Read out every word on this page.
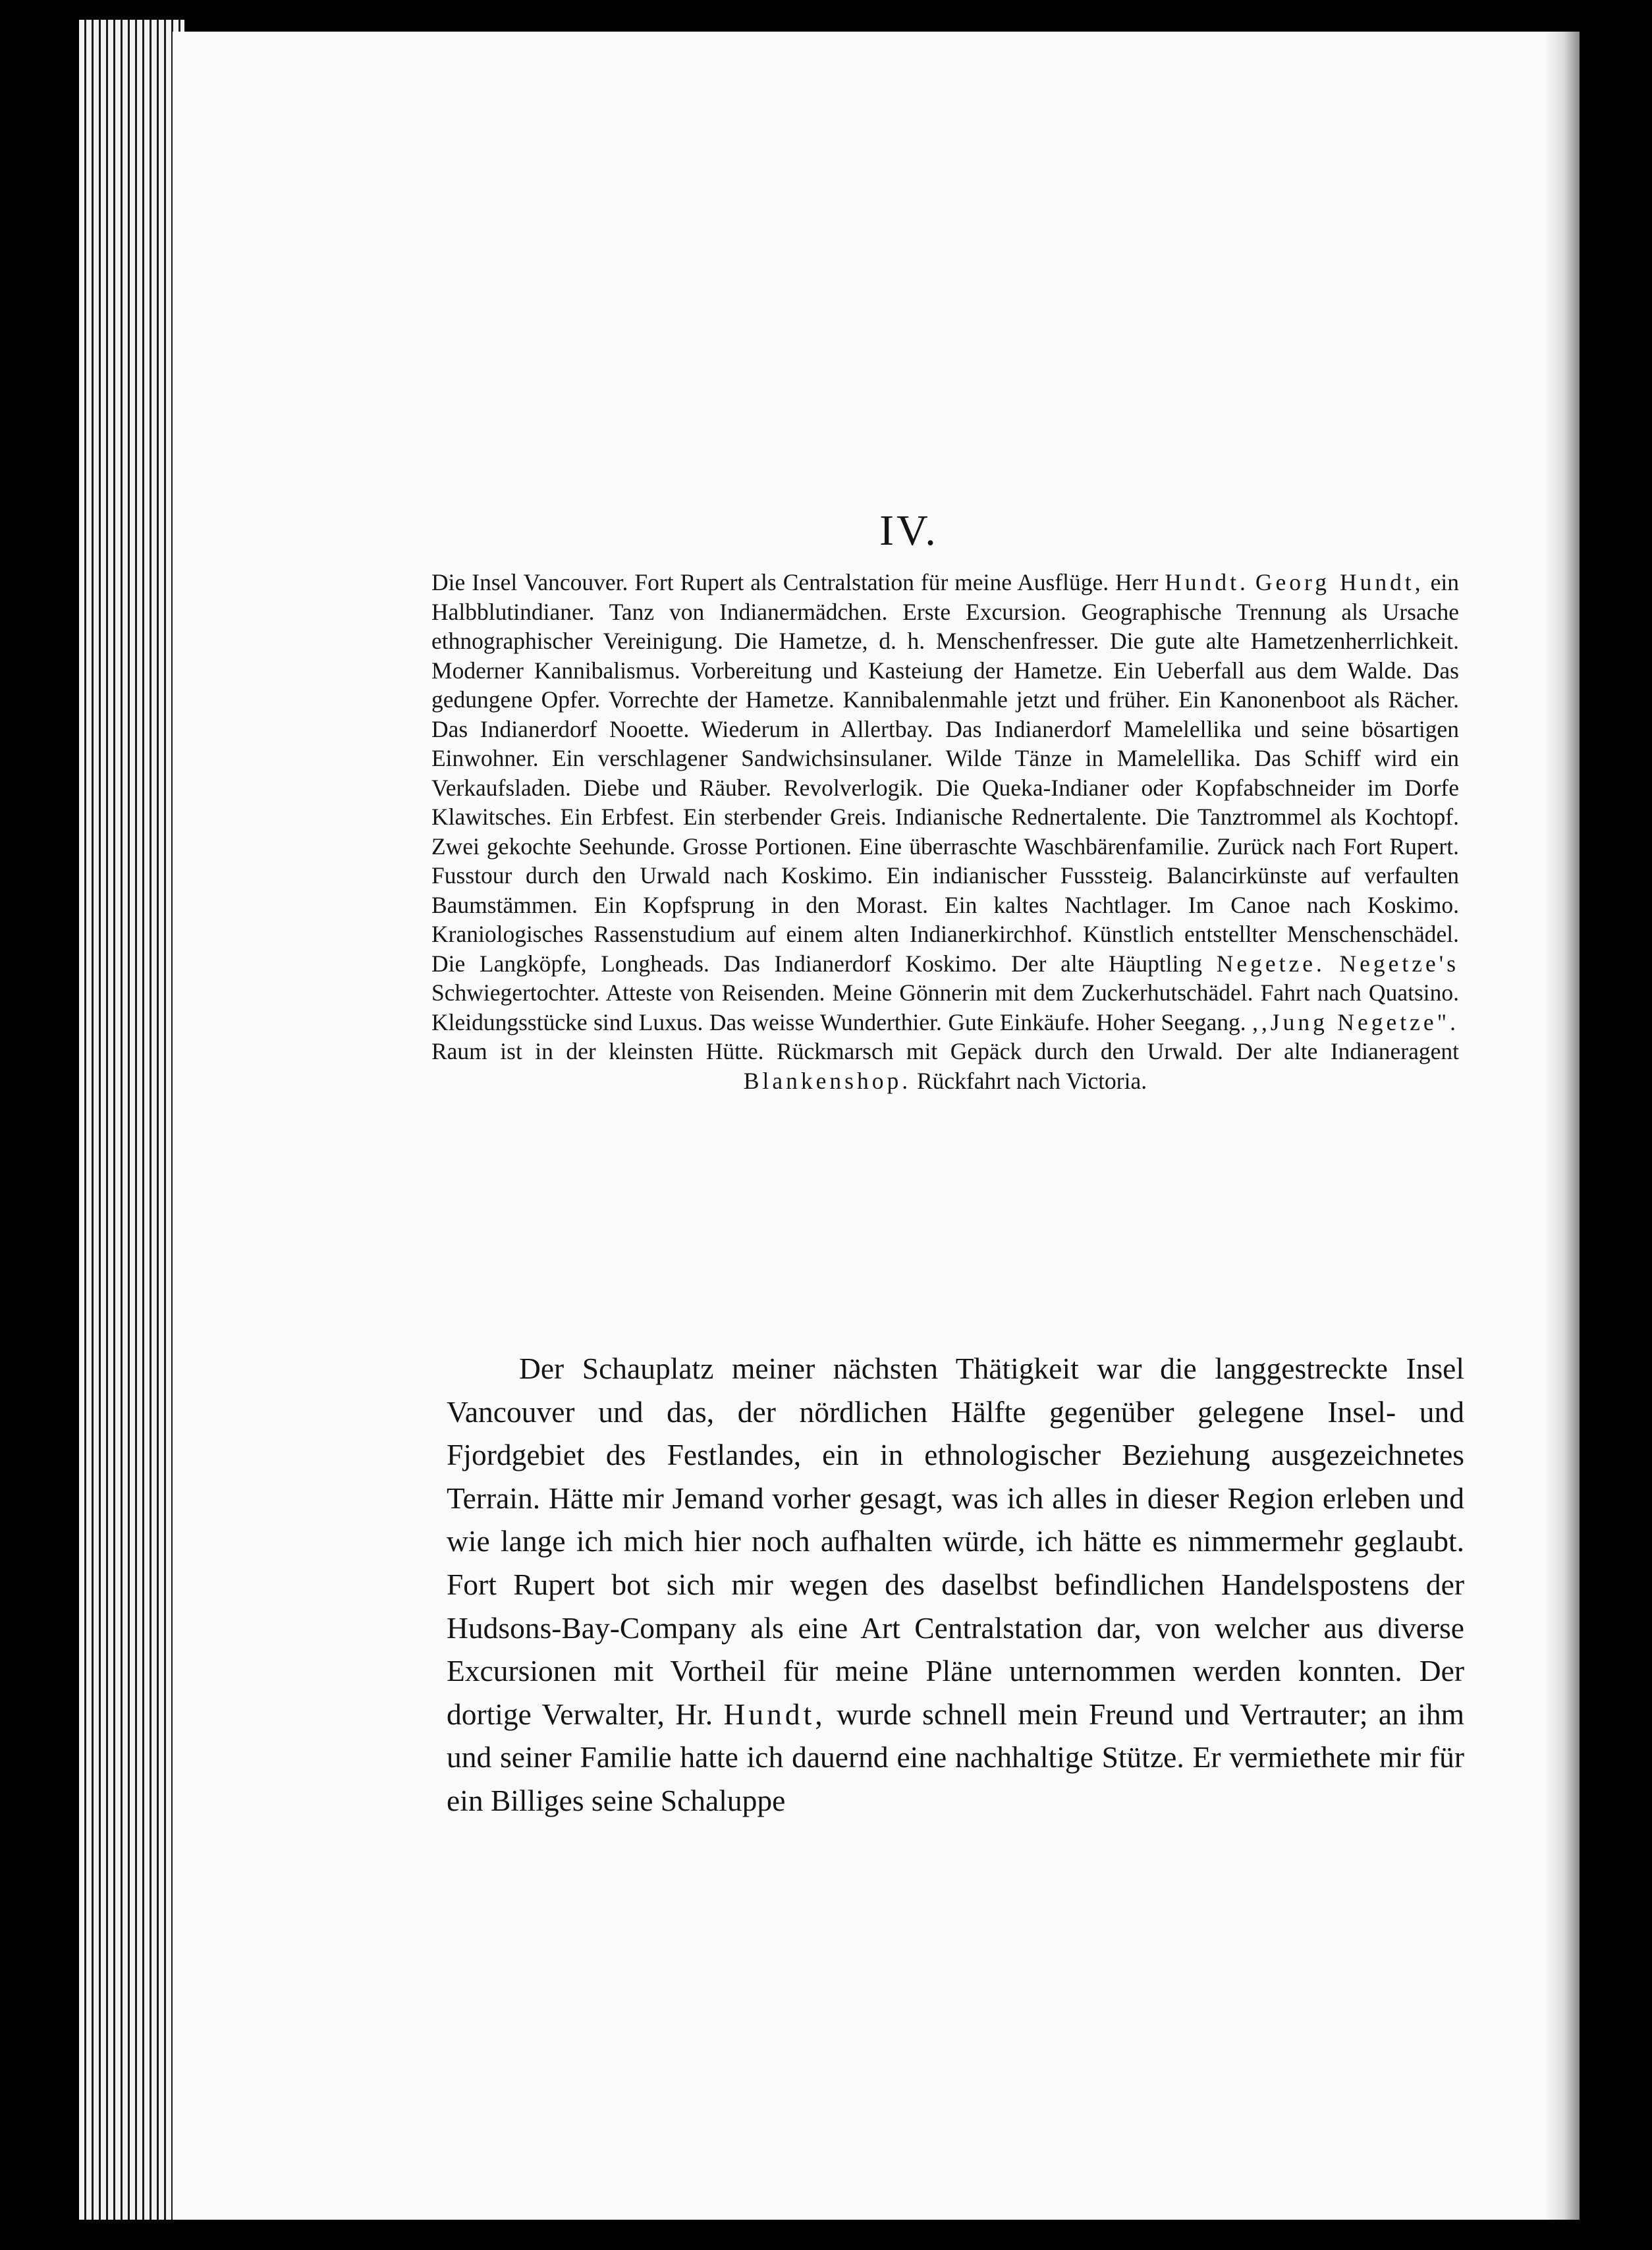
IV.
Die Insel Vancouver. Fort Rupert als Centralstation für meine Ausflüge. Herr Hundt. Georg Hundt, ein Halbblutindianer. Tanz von Indianermädchen. Erste Excursion. Geographische Trennung als Ursache ethnographischer Vereinigung. Die Hametze, d. h. Menschenfresser. Die gute alte Hametzenherrlichkeit. Moderner Kannibalismus. Vorbereitung und Kasteiung der Hametze. Ein Ueberfall aus dem Walde. Das gedungene Opfer. Vorrechte der Hametze. Kannibalenmahle jetzt und früher. Ein Kanonenboot als Rächer. Das Indianerdorf Nooette. Wiederum in Allertbay. Das Indianerdorf Mamelellika und seine bösartigen Einwohner. Ein verschlagener Sandwichsinsulaner. Wilde Tänze in Mamelellika. Das Schiff wird ein Verkaufsladen. Diebe und Räuber. Revolverlogik. Die Queka-Indianer oder Kopfabschneider im Dorfe Klawitsches. Ein Erbfest. Ein sterbender Greis. Indianische Rednertalente. Die Tanztrommel als Kochtopf. Zwei gekochte Seehunde. Grosse Portionen. Eine überraschte Waschbärenfamilie. Zurück nach Fort Rupert. Fusstour durch den Urwald nach Koskimo. Ein indianischer Fusssteig. Balancirkünste auf verfaulten Baumstämmen. Ein Kopfsprung in den Morast. Ein kaltes Nachtlager. Im Canoe nach Koskimo. Kraniologisches Rassenstudium auf einem alten Indianerkirchhof. Künstlich entstellter Menschenschädel. Die Langköpfe, Longheads. Das Indianerdorf Koskimo. Der alte Häuptling Negetze. Negetze's Schwiegertochter. Atteste von Reisenden. Meine Gönnerin mit dem Zuckerhutschädel. Fahrt nach Quatsino. Kleidungsstücke sind Luxus. Das weisse Wunderthier. Gute Einkäufe. Hoher Seegang. ,,Jung Negetze". Raum ist in der kleinsten Hütte. Rückmarsch mit Gepäck durch den Urwald. Der alte Indianeragent Blankenshop. Rückfahrt nach Victoria.
Der Schauplatz meiner nächsten Thätigkeit war die langgestreckte Insel Vancouver und das, der nördlichen Hälfte gegenüber gelegene Insel- und Fjordgebiet des Festlandes, ein in ethnologischer Beziehung ausgezeichnetes Terrain. Hätte mir Jemand vorher gesagt, was ich alles in dieser Region erleben und wie lange ich mich hier noch aufhalten würde, ich hätte es nimmermehr geglaubt. Fort Rupert bot sich mir wegen des daselbst befindlichen Handelspostens der Hudsons-Bay-Company als eine Art Centralstation dar, von welcher aus diverse Excursionen mit Vortheil für meine Pläne unternommen werden konnten. Der dortige Verwalter, Hr. Hundt, wurde schnell mein Freund und Vertrauter; an ihm und seiner Familie hatte ich dauernd eine nachhaltige Stütze. Er vermiethete mir für ein Billiges seine Schaluppe
